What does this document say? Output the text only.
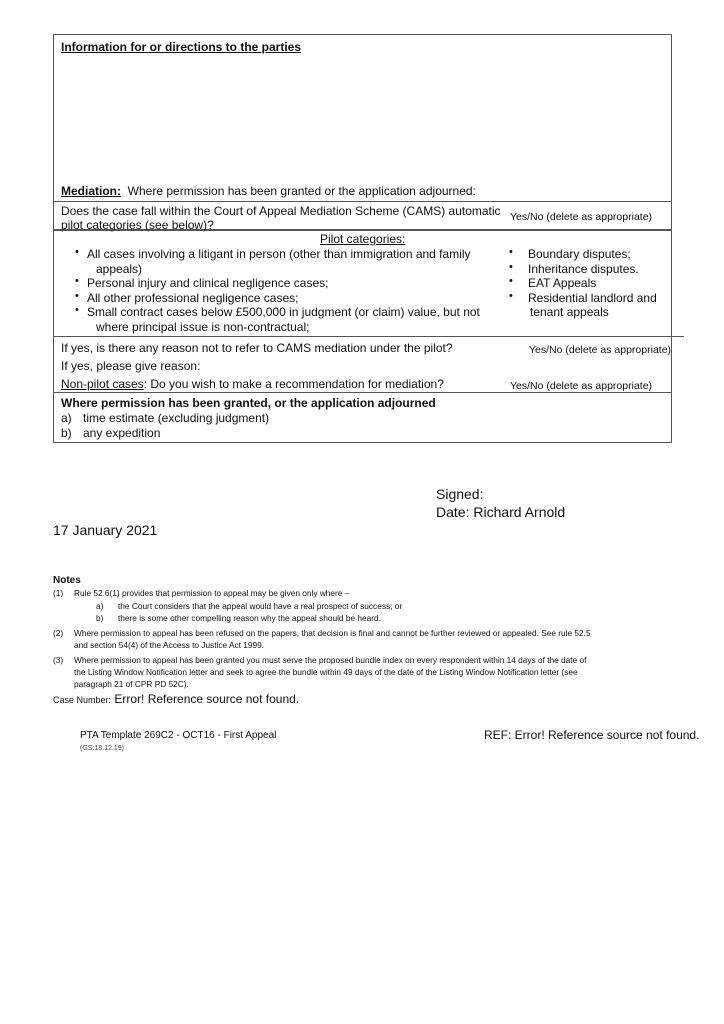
Information for or directions to the parties
Mediation: Where permission has been granted or the application adjourned:
Does the case fall within the Court of Appeal Mediation Scheme (CAMS) automatic
pilot categories (see below)?
Yes/No (delete as appropriate)
Pilot categories:
• All cases involving a litigant in person (other than immigration and family
appeals)
• Personal injury and clinical negligence cases;
• All other professional negligence cases;
• Small contract cases below £500,000 in judgment (or claim) value, but not
where principal issue is non-contractual;
• Boundary disputes;
• Inheritance disputes.
• EAT Appeals
• Residential landlord and
tenant appeals
If yes, is there any reason not to refer to CAMS mediation under the pilot?	Yes/No (delete as appropriate)
If yes, please give reason:
Non-pilot cases: Do you wish to make a recommendation for mediation?	Yes/No (delete as appropriate)
Where permission has been granted, or the application adjourned
a) time estimate (excluding judgment)
b) any expedition
Signed:
Date: Richard Arnold
17 January 2021
Notes
(1) Rule 52.6(1) provides that permission to appeal may be given only where –
a) the Court considers that the appeal would have a real prospect of success; or
b) there is some other compelling reason why the appeal should be heard.
(2) Where permission to appeal has been refused on the papers, that decision is final and cannot be further reviewed or appealed. See rule 52.5
and section 54(4) of the Access to Justice Act 1999.
(3) Where permission to appeal has been granted you must serve the proposed bundle index on every respondent within 14 days of the date of
the Listing Window Notification letter and seek to agree the bundle within 49 days of the date of the Listing Window Notification letter (see
paragraph 21 of CPR PD 52C).
Case Number: Error! Reference source not found.
PTA Template 269C2 - OCT16 - First Appeal
(GS:18.12.19)
REF: Error! Reference source not found.
